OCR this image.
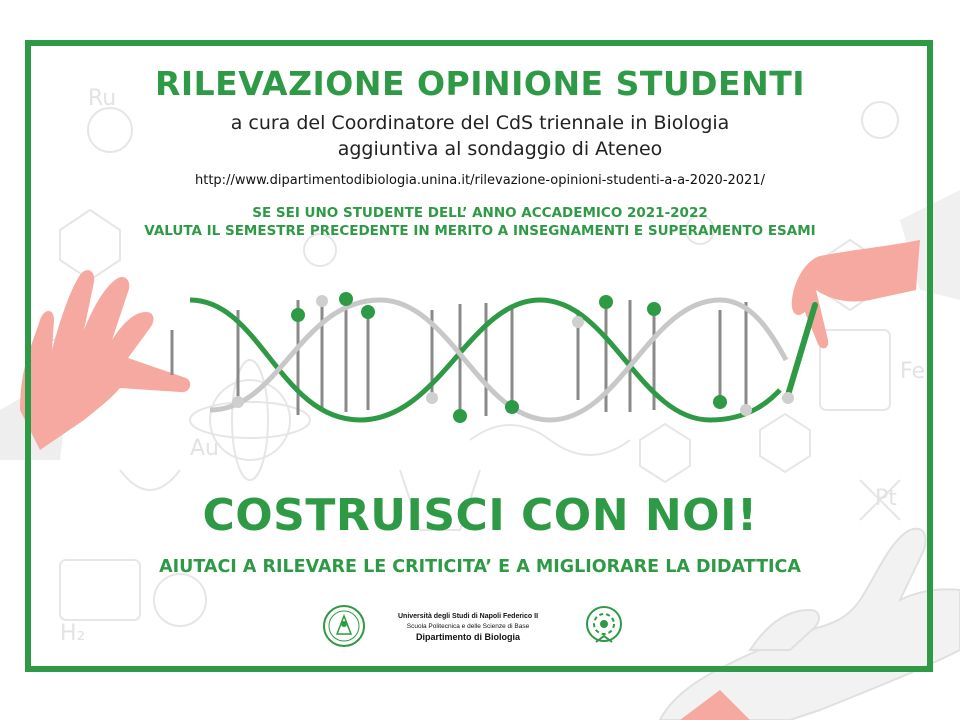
Ru
Au
Pt
Fe
H₂
RILEVAZIONE OPINIONE STUDENTI
a cura del Coordinatore del CdS triennale in Biologia
aggiuntiva al sondaggio di Ateneo
http://www.dipartimentodibiologia.unina.it/rilevazione-opinioni-studenti-a-a-2020-2021/
SE SEI UNO STUDENTE DELL’ ANNO ACCADEMICO 2021-2022
VALUTA IL SEMESTRE PRECEDENTE IN MERITO A INSEGNAMENTI E SUPERAMENTO ESAMI
COSTRUISCI CON NOI!
AIUTACI A RILEVARE LE CRITICITA’ E A MIGLIORARE LA DIDATTICA
Università degli Studi di Napoli Federico II
Scuola Politecnica e delle Scienze di Base
Dipartimento di Biologia
